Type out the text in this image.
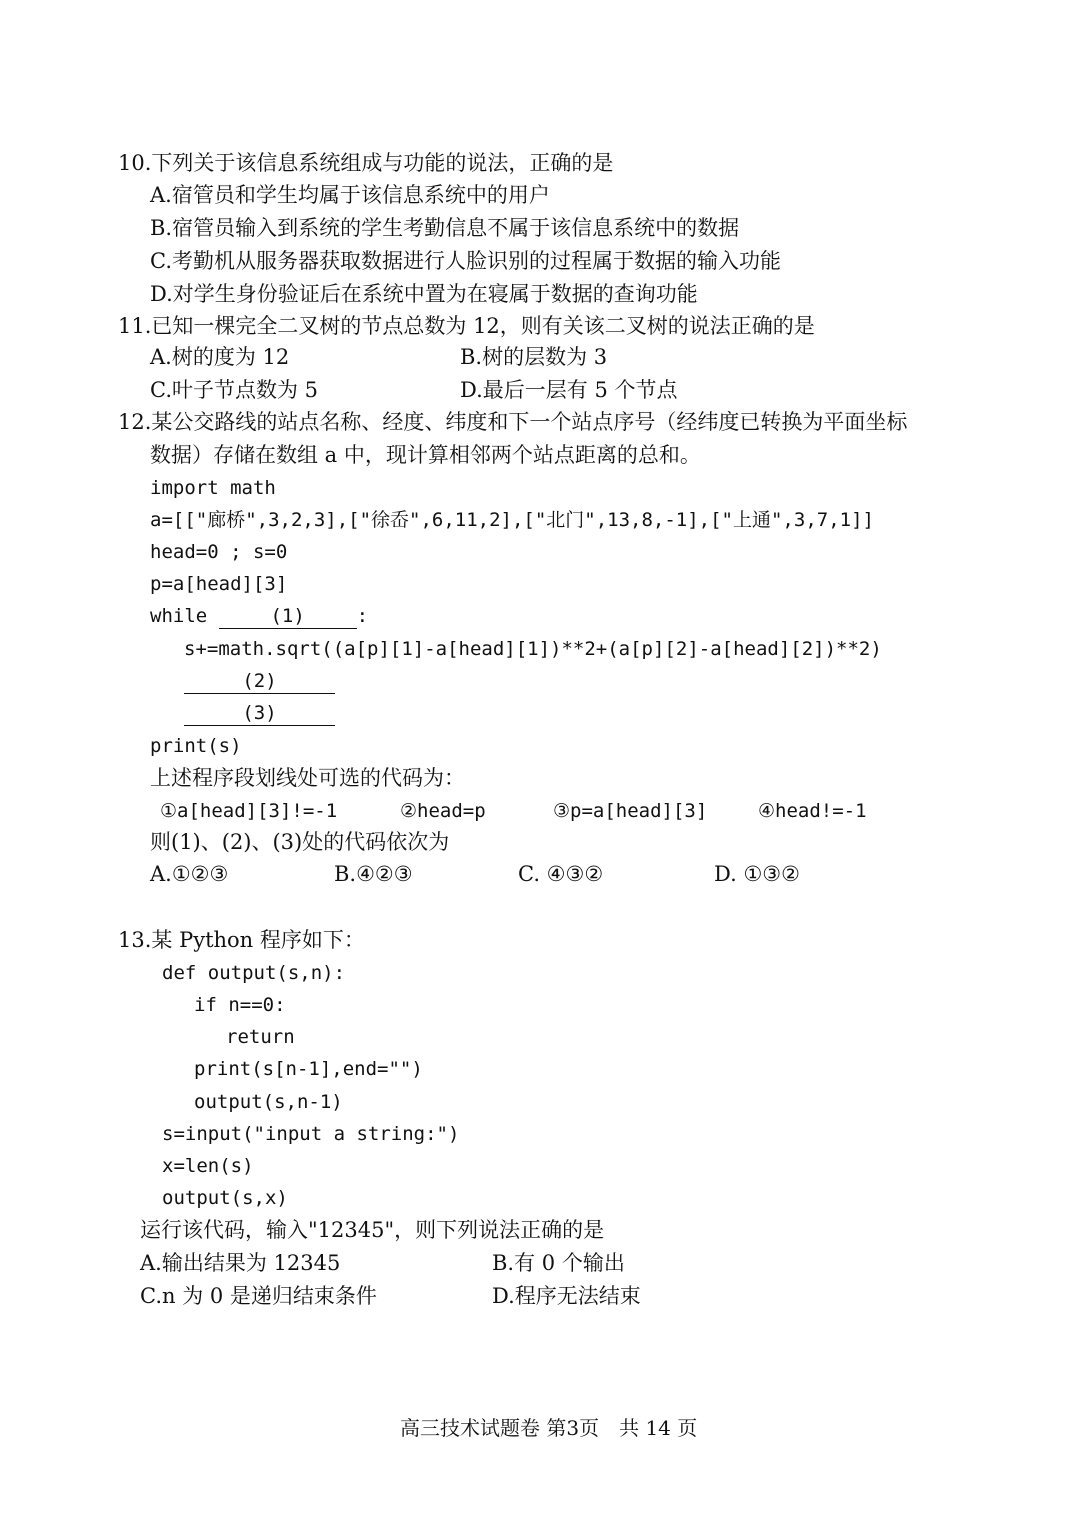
10.下列关于该信息系统组成与功能的说法，正确的是
A.宿管员和学生均属于该信息系统中的用户
B.宿管员输入到系统的学生考勤信息不属于该信息系统中的数据
C.考勤机从服务器获取数据进行人脸识别的过程属于数据的输入功能
D.对学生身份验证后在系统中置为在寝属于数据的查询功能
11.已知一棵完全二叉树的节点总数为 12，则有关该二叉树的说法正确的是
A.树的度为 12	B.树的层数为 3
C.叶子节点数为 5	D.最后一层有 5 个节点
12.某公交路线的站点名称、经度、纬度和下一个站点序号（经纬度已转换为平面坐标
数据）存储在数组 a 中，现计算相邻两个站点距离的总和。
import math
a=[["廊桥",3,2,3],["徐岙",6,11,2],["北门",13,8,-1],["上通",3,7,1]]
head=0 ; s=0
p=a[head][3]
while	(1)	:
s+=math.sqrt((a[p][1]-a[head][1])**2+(a[p][2]-a[head][2])**2)
(2)
(3)
print(s)
上述程序段划线处可选的代码为：
①a[head][3]!=-1	②head=p	③p=a[head][3]	④head!=-1
则(1)、(2)、(3)处的代码依次为
A.①②③	B.④②③	C. ④③②	D. ①③②
13.某 Python 程序如下：
def output(s,n):
if n==0:
return
print(s[n-1],end="")
output(s,n-1)
s=input("input a string:")
x=len(s)
output(s,x)
运行该代码，输入"12345"，则下列说法正确的是
A.输出结果为 12345	B.有 0 个输出
C.n 为 0 是递归结束条件	D.程序无法结束
高三技术试题卷 第3页　共 14 页
